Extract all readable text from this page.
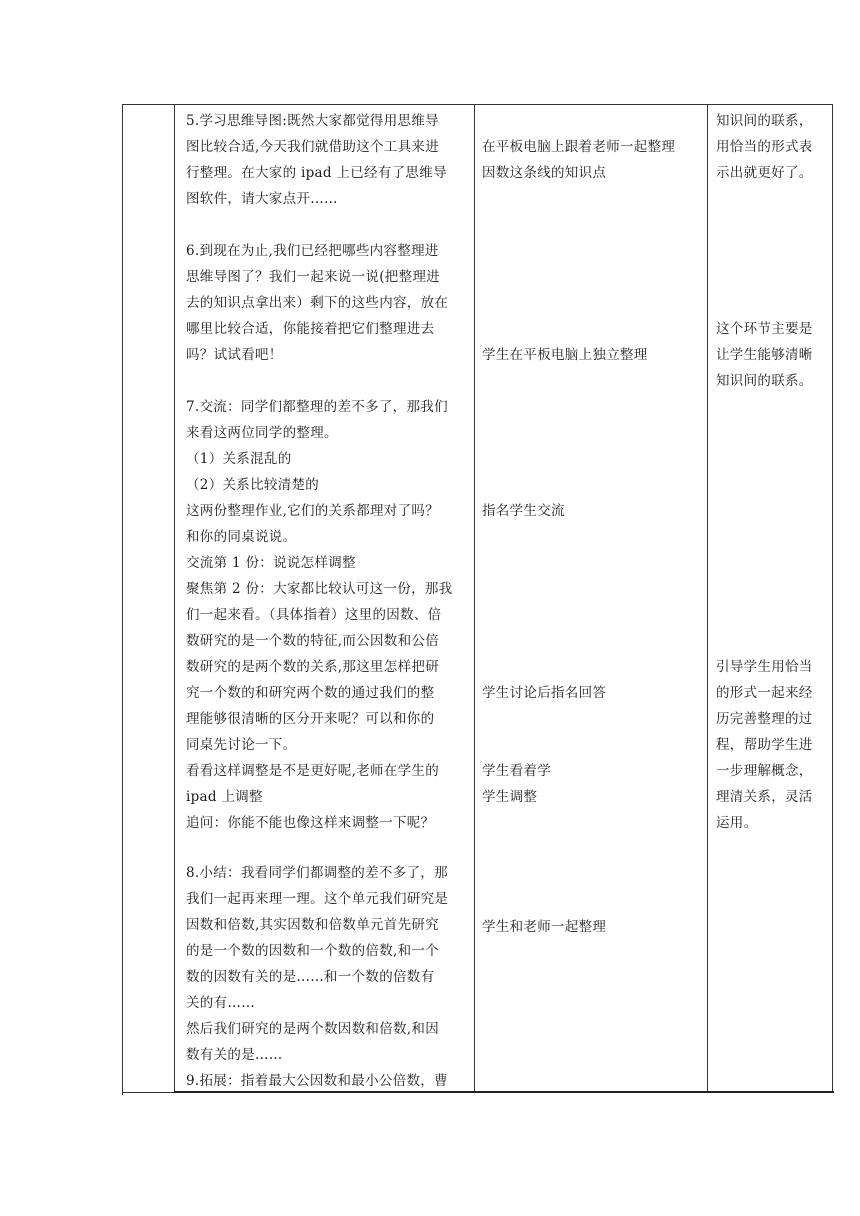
5.学习思维导图:既然大家都觉得用思维导
图比较合适,今天我们就借助这个工具来进
行整理。在大家的 ipad 上已经有了思维导
图软件，请大家点开……
6.到现在为止,我们已经把哪些内容整理进
思维导图了？我们一起来说一说(把整理进
去的知识点拿出来）剩下的这些内容，放在
哪里比较合适，你能接着把它们整理进去
吗？试试看吧！
7.交流：同学们都整理的差不多了，那我们
来看这两位同学的整理。
（1）关系混乱的
（2）关系比较清楚的
这两份整理作业,它们的关系都理对了吗？
和你的同桌说说。
交流第 1 份：说说怎样调整
聚焦第 2 份：大家都比较认可这一份，那我
们一起来看。（具体指着）这里的因数、倍
数研究的是一个数的特征,而公因数和公倍
数研究的是两个数的关系,那这里怎样把研
究一个数的和研究两个数的通过我们的整
理能够很清晰的区分开来呢？可以和你的
同桌先讨论一下。
看看这样调整是不是更好呢,老师在学生的
ipad 上调整
追问：你能不能也像这样来调整一下呢？
8.小结：我看同学们都调整的差不多了，那
我们一起再来理一理。这个单元我们研究是
因数和倍数,其实因数和倍数单元首先研究
的是一个数的因数和一个数的倍数,和一个
数的因数有关的是……和一个数的倍数有
关的有……
然后我们研究的是两个数因数和倍数,和因
数有关的是……
9.拓展：指着最大公因数和最小公倍数，曹
在平板电脑上跟着老师一起整理
因数这条线的知识点
学生在平板电脑上独立整理
指名学生交流
学生讨论后指名回答
学生看着学
学生调整
学生和老师一起整理
知识间的联系，
用恰当的形式表
示出就更好了。
这个环节主要是
让学生能够清晰
知识间的联系。
引导学生用恰当
的形式一起来经
历完善整理的过
程，帮助学生进
一步理解概念，
理清关系，灵活
运用。
